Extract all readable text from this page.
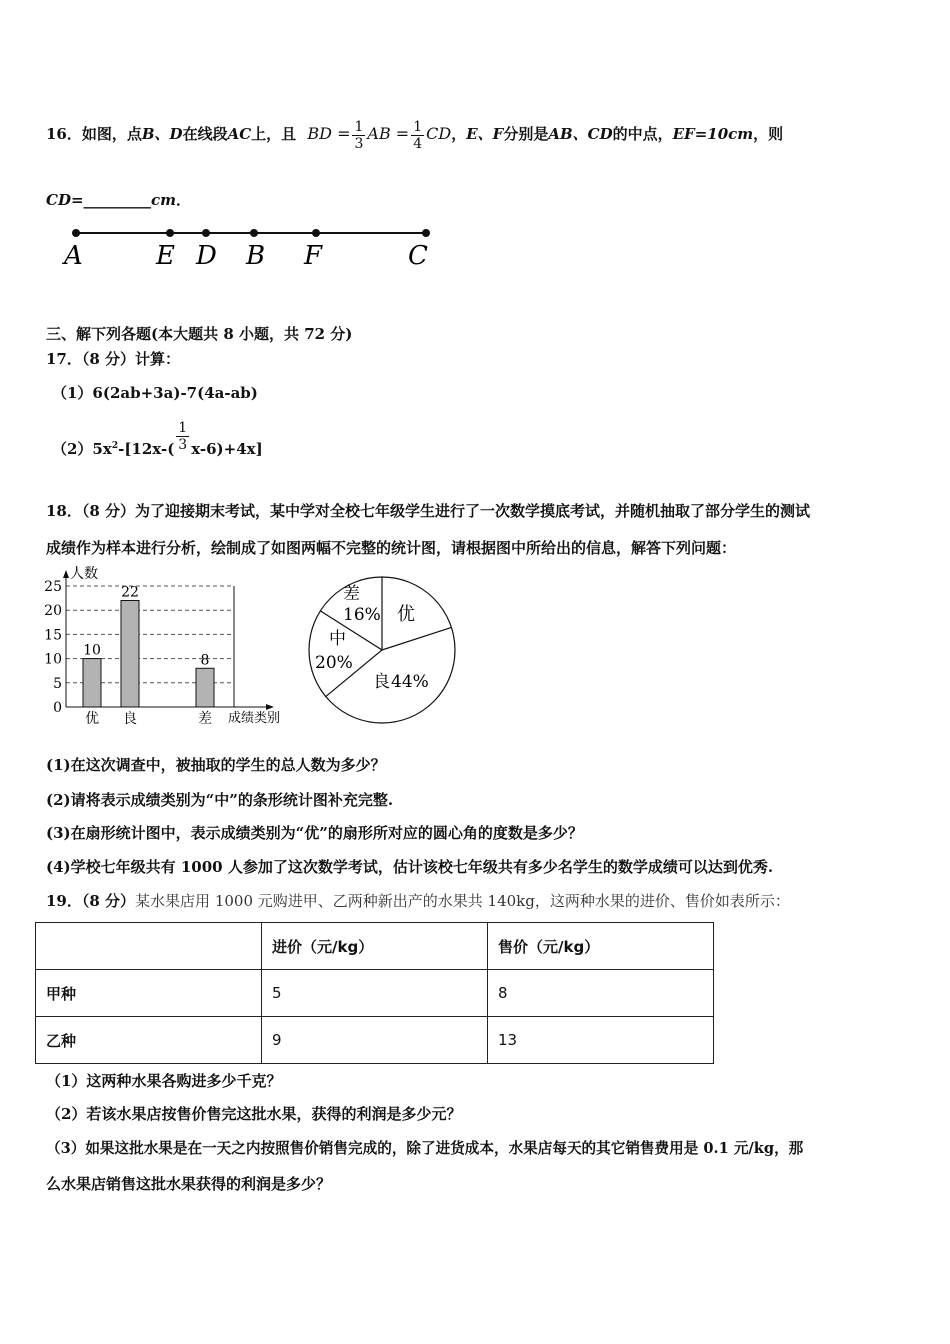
16．如图，点B、D在线段AC上，且 BD = $\frac{1}{3}$ AB = $\frac{1}{4}$ CD，E、F分别是AB、CD的中点，EF=10cm，则
CD=_________cm．
A	E D B F	C
三、解下列各题(本大题共 8 小题，共 72 分)
17．（8 分）计算：
（1）6(2ab+3a)-7(4a-ab)
$(2)5x^2-[12x-( \frac{1}{3} x-6)+4x]$
18．（8 分）为了迎接期末考试，某中学对全校七年级学生进行了一次数学摸底考试，并随机抽取了部分学生的测试
成绩作为样本进行分析，绘制成了如图两幅不完整的统计图，请根据图中所给出的信息，解答下列问题：
0
5
10
15
20
25
10
优
22
良
8
差
人数
成绩类别
差
16% 优
中
20%
良 44%
(1)在这次调查中，被抽取的学生的总人数为多少？
(2)请将表示成绩类别为“中”的条形统计图补充完整.
(3)在扇形统计图中，表示成绩类别为“优”的扇形所对应的圆心角的度数是多少？
(4)学校七年级共有 1000 人参加了这次数学考试，估计该校七年级共有多少名学生的数学成绩可以达到优秀.
19．（8 分）某水果店用 1000 元购进甲、乙两种新出产的水果共 140kg，这两种水果的进价、售价如表所示：
	进价（元/kg）	售价（元/kg）
甲种	5	8
乙种	9	13
（1）这两种水果各购进多少千克？
（2）若该水果店按售价售完这批水果，获得的利润是多少元？
（3）如果这批水果是在一天之内按照售价销售完成的，除了进货成本，水果店每天的其它销售费用是 0.1 元/kg，那
么水果店销售这批水果获得的利润是多少？
